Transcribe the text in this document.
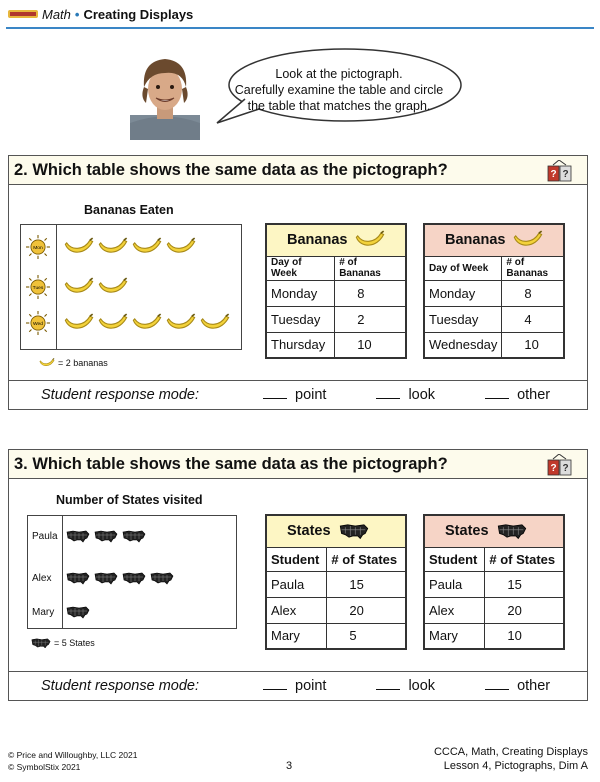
Math • Creating Displays
Look at the pictograph.
Carefully examine the table and circle
the table that matches the graph.
2. Which table shows the same data as the pictograph?
Bananas Eaten
Mon
Tues
Wed
= 2 bananas
Bananas	

Day of Week	# of Bananas
Monday	8
Tuesday	2
Thursday	10
Bananas	

Day of Week	# of Bananas
Monday	8
Tuesday	4
Wednesday	10
Student response mode:	point	look	other
3. Which table shows the same data as the pictograph?
Number of States visited
Paula
Alex
Mary
= 5 States
States	

Student	# of States
Paula	15
Alex	20
Mary	5
States	

Student	# of States
Paula	15
Alex	20
Mary	10
Student response mode:	point	look	other
© Price and Willoughby, LLC 2021
© SymbolStix 2021	3
CCCA, Math, Creating Displays
Lesson 4, Pictographs, Dim A
